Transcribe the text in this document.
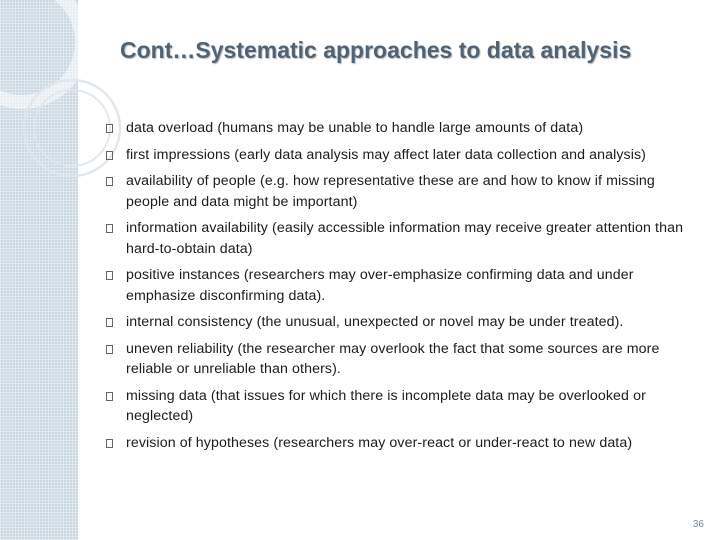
Cont…Systematic approaches to data analysis
data overload (humans may be unable to handle large amounts of data)
first impressions (early data analysis may affect later data collection and analysis)
availability of people (e.g. how representative these are and how to know if missing people and data might be important)
information availability (easily accessible information may receive greater attention than hard-to-obtain data)
positive instances (researchers may over-emphasize confirming data and under emphasize disconfirming data).
internal consistency (the unusual, unexpected or novel may be under treated).
uneven reliability (the researcher may overlook the fact that some sources are more reliable or unreliable than others).
missing data (that issues for which there is incomplete data may be overlooked or neglected)
revision of hypotheses (researchers may over-react or under-react to new data)
36
